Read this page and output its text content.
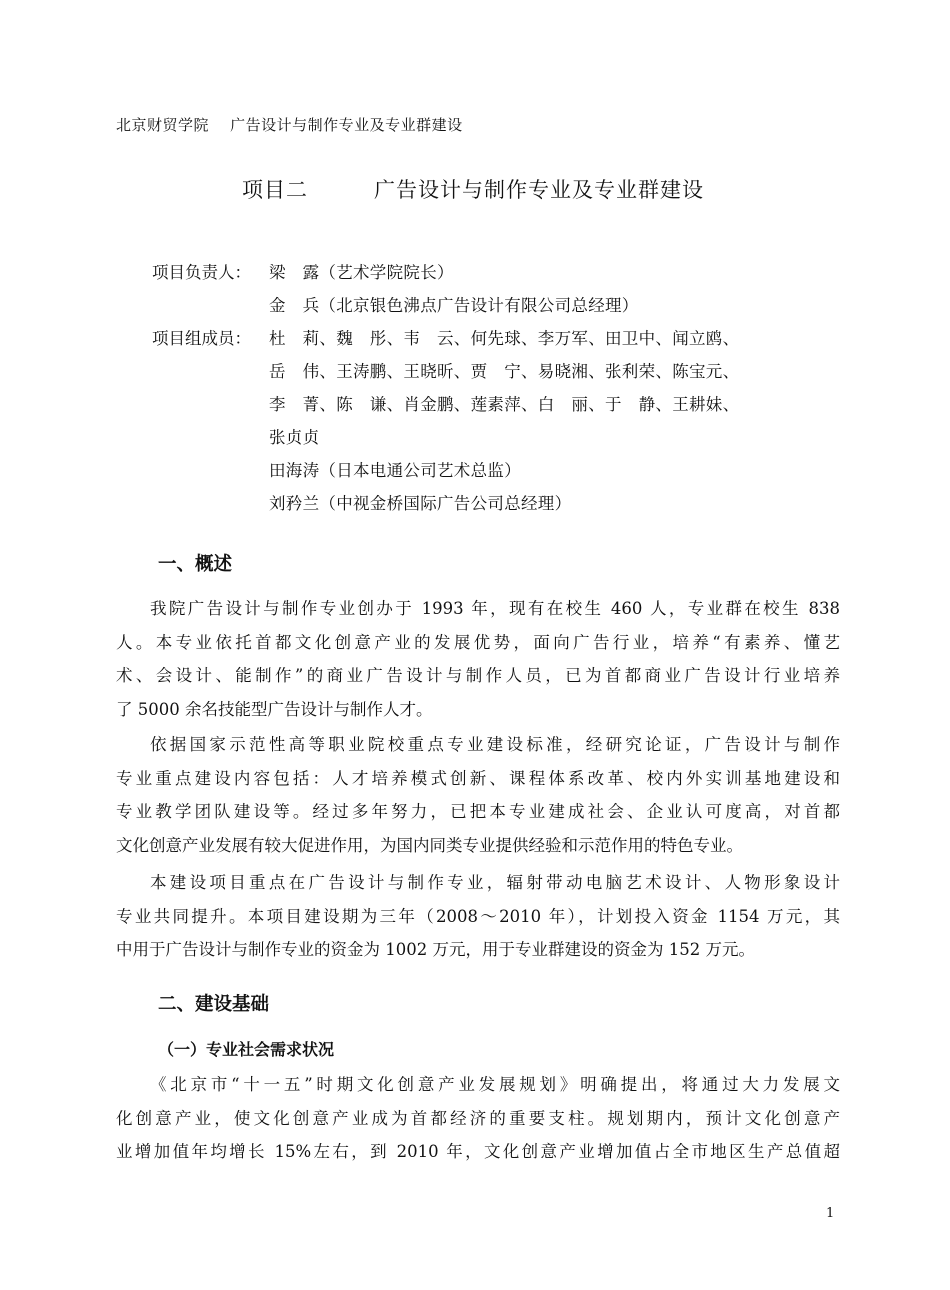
北京财贸学院 广告设计与制作专业及专业群建设
项目二	广告设计与制作专业及专业群建设
项目负责人： 梁　露（艺术学院院长）
金　兵（北京银色沸点广告设计有限公司总经理）
项目组成员： 杜　莉、魏　彤、韦　云、何先球、李万军、田卫中、闻立鸥、
岳　伟、王涛鹏、王晓昕、贾　宁、易晓湘、张利荣、陈宝元、
李　菁、陈　谦、肖金鹏、莲素萍、白　丽、于　静、王耕妹、
张贞贞
田海涛（日本电通公司艺术总监）
刘矜兰（中视金桥国际广告公司总经理）
一、概述
我院广告设计与制作专业创办于 1993 年，现有在校生 460 人，专业群在校生 838
人。本专业依托首都文化创意产业的发展优势，面向广告行业，培养“有素养、懂艺
术、会设计、能制作”的商业广告设计与制作人员，已为首都商业广告设计行业培养
了 5000 余名技能型广告设计与制作人才。
依据国家示范性高等职业院校重点专业建设标准，经研究论证，广告设计与制作
专业重点建设内容包括：人才培养模式创新、课程体系改革、校内外实训基地建设和
专业教学团队建设等。经过多年努力，已把本专业建成社会、企业认可度高，对首都
文化创意产业发展有较大促进作用，为国内同类专业提供经验和示范作用的特色专业。
本建设项目重点在广告设计与制作专业，辐射带动电脑艺术设计、人物形象设计
专业共同提升。本项目建设期为三年（2008～2010 年），计划投入资金 1154 万元，其
中用于广告设计与制作专业的资金为 1002 万元，用于专业群建设的资金为 152 万元。
二、建设基础
（一）专业社会需求状况
《北京市“十一五”时期文化创意产业发展规划》明确提出，将通过大力发展文
化创意产业，使文化创意产业成为首都经济的重要支柱。规划期内，预计文化创意产
业增加值年均增长 15%左右，到 2010 年，文化创意产业增加值占全市地区生产总值超
1
